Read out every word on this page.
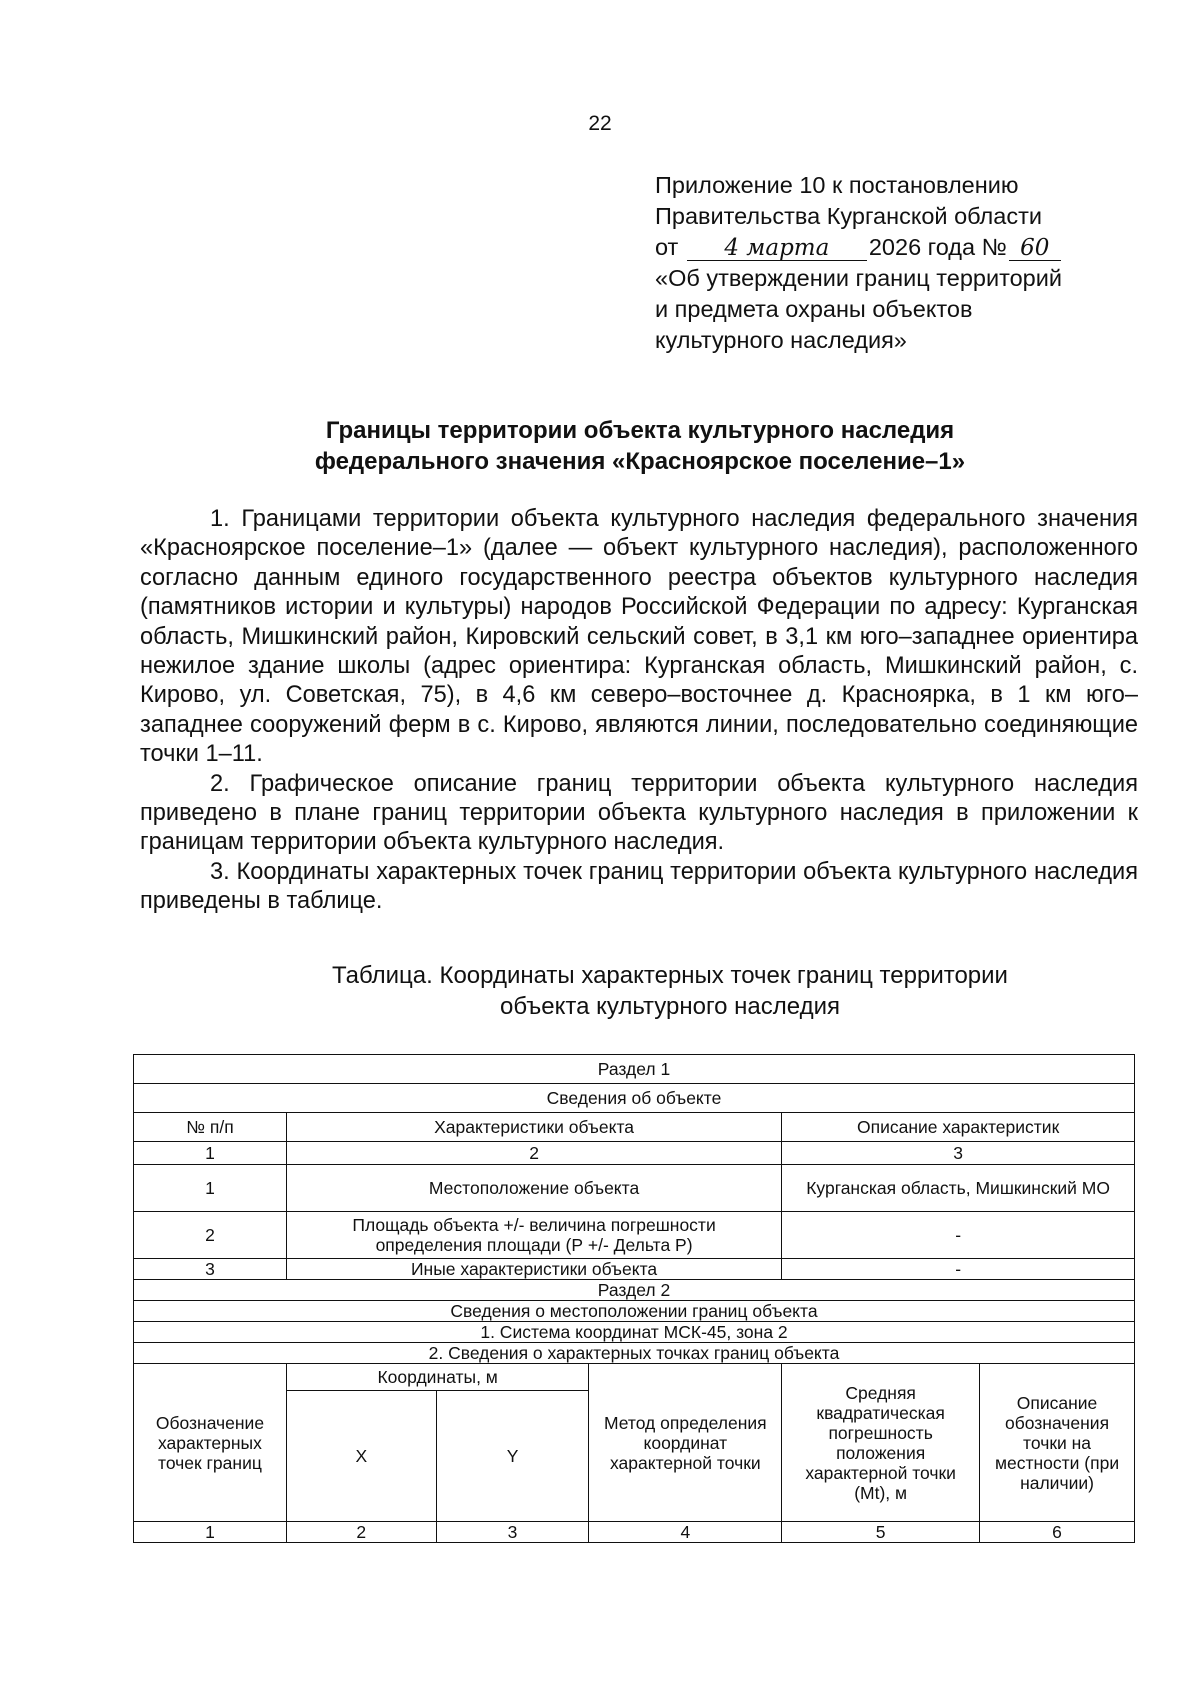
22
Приложение 10 к постановлению
Правительства Курганской области
от 4 марта 2026 года № 60
«Об утверждении границ территорий
и предмета охраны объектов
культурного наследия»
Границы территории объекта культурного наследия
федерального значения «Красноярское поселение–1»

1. Границами территории объекта культурного наследия федерального значения «Красноярское поселение–1» (далее — объект культурного наследия), расположенного согласно данным единого государственного реестра объектов культурного наследия (памятников истории и культуры) народов Российской Федерации по адресу: Курганская область, Мишкинский район, Кировский сельский совет, в 3,1 км юго–западнее ориентира нежилое здание школы (адрес ориентира: Курганская область, Мишкинский район, с. Кирово, ул. Советская, 75), в 4,6 км северо–восточнее д. Красноярка, в 1 км юго–западнее сооружений ферм в с. Кирово, являются линии, последовательно соединяющие точки 1–11.

2. Графическое описание границ территории объекта культурного наследия приведено в плане границ территории объекта культурного наследия в приложении к границам территории объекта культурного наследия.

3. Координаты характерных точек границ территории объекта культурного наследия приведены в таблице.

Таблица. Координаты характерных точек границ территории
объекта культурного наследия
Раздел 1					
Сведения об объекте					
№ п/п	Характеристики объекта			Описание характеристик	
1	2			3	
1	Местоположение объекта			Курганская область, Мишкинский МО	
2	Площадь объекта +/- величина погрешности определения площади (Р +/- Дельта Р)			-	
3	Иные характеристики объекта			-	
Раздел 2					
Сведения о местоположении границ объекта					
1. Система координат МСК-45, зона 2					
2. Сведения о характерных точках границ объекта					
Обозначение характерных точек границ	Координаты, м		Метод определения координат характерной точки	Средняя квадратическая погрешность положения характерной точки (Mt), м	Описание обозначения точки на местности (при наличии)
	X	Y			
1	2	3	4	5	6
